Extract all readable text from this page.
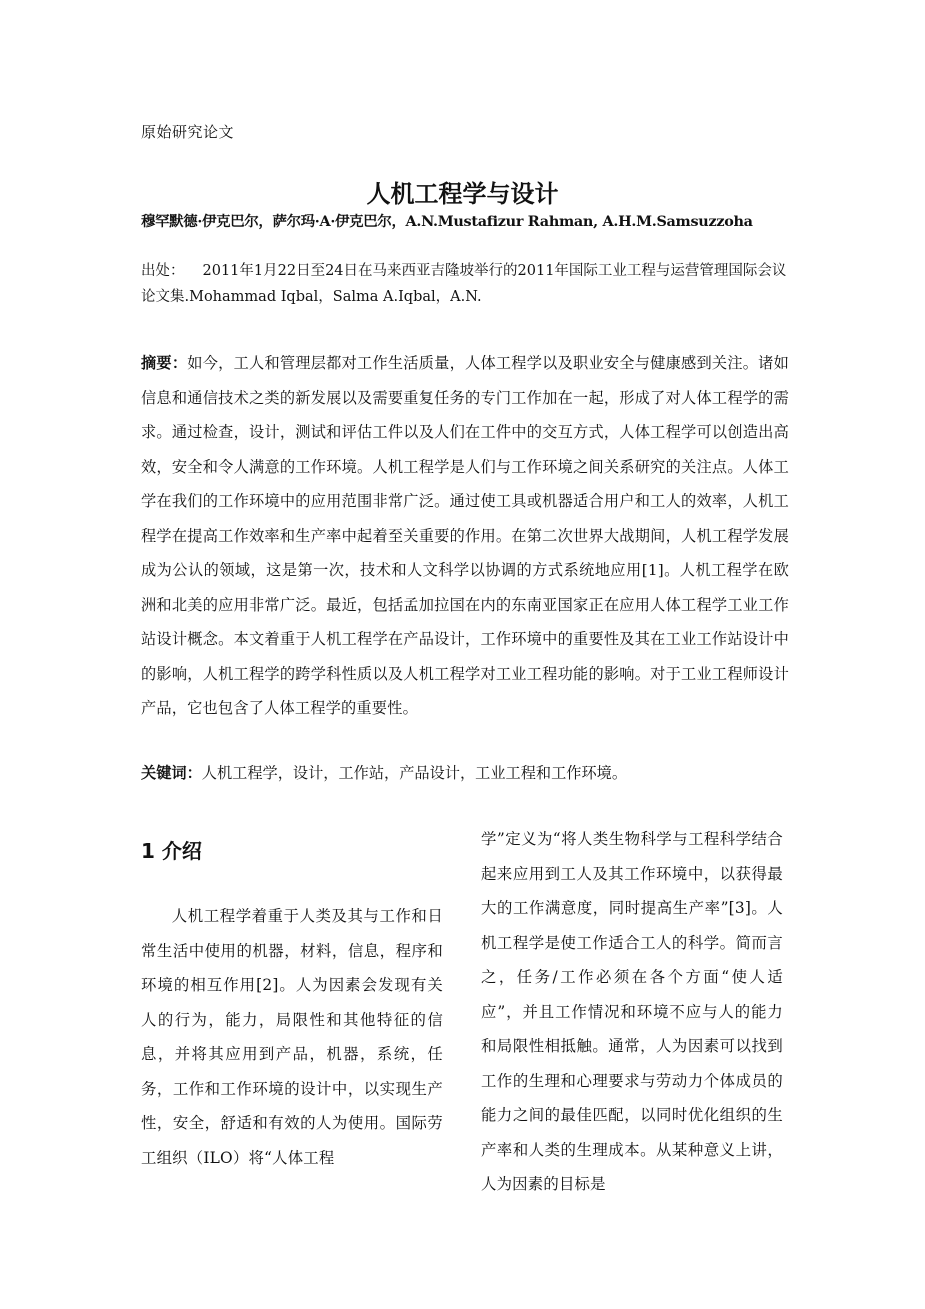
原始研究论文
人机工程学与设计
穆罕默德·伊克巴尔，萨尔玛·A·伊克巴尔，A.N.Mustafizur Rahman, A.H.M.Samsuzzoha
出处： 2011年1月22日至24日在马来西亚吉隆坡举行的2011年国际工业工程与运营管理国际会议论文集.Mohammad Iqbal，Salma A.Iqbal，A.N.
摘要：如今，工人和管理层都对工作生活质量，人体工程学以及职业安全与健康感到关注。诸如信息和通信技术之类的新发展以及需要重复任务的专门工作加在一起，形成了对人体工程学的需求。通过检查，设计，测试和评估工件以及人们在工件中的交互方式，人体工程学可以创造出高效，安全和令人满意的工作环境。人机工程学是人们与工作环境之间关系研究的关注点。人体工学在我们的工作环境中的应用范围非常广泛。通过使工具或机器适合用户和工人的效率，人机工程学在提高工作效率和生产率中起着至关重要的作用。在第二次世界大战期间，人机工程学发展成为公认的领域，这是第一次，技术和人文科学以协调的方式系统地应用[1]。人机工程学在欧洲和北美的应用非常广泛。最近，包括孟加拉国在内的东南亚国家正在应用人体工程学工业工作站设计概念。本文着重于人机工程学在产品设计，工作环境中的重要性及其在工业工作站设计中的影响，人机工程学的跨学科性质以及人机工程学对工业工程功能的影响。对于工业工程师设计产品，它也包含了人体工程学的重要性。
关键词：人机工程学，设计，工作站，产品设计，工业工程和工作环境。
1 介绍
人机工程学着重于人类及其与工作和日常生活中使用的机器，材料，信息，程序和环境的相互作用[2]。人为因素会发现有关人的行为，能力，局限性和其他特征的信息，并将其应用到产品，机器，系统，任务，工作和工作环境的设计中，以实现生产性，安全，舒适和有效的人为使用。国际劳工组织（ILO）将“人体工程
学”定义为“将人类生物科学与工程科学结合起来应用到工人及其工作环境中，以获得最大的工作满意度，同时提高生产率”[3]。人机工程学是使工作适合工人的科学。简而言之，任务/工作必须在各个方面“使人适应”，并且工作情况和环境不应与人的能力和局限性相抵触。通常，人为因素可以找到工作的生理和心理要求与劳动力个体成员的能力之间的最佳匹配，以同时优化组织的生产率和人类的生理成本。从某种意义上讲，人为因素的目标是
